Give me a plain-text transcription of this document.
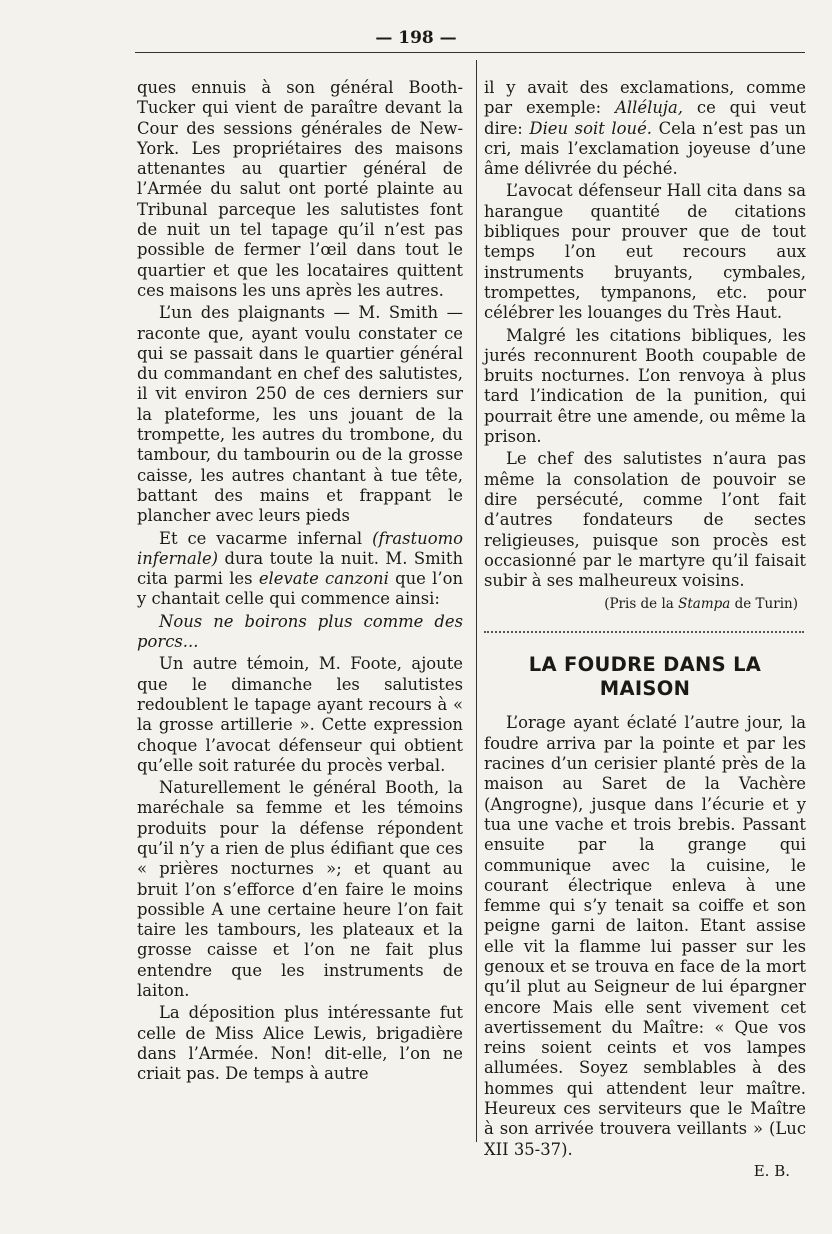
— 198 —

ques ennuis à son général Booth-Tucker qui vient de paraître devant la Cour des sessions générales de New-York. Les propriétaires des maisons attenantes au quartier général de l’Armée du salut ont porté plainte au Tribunal parceque les salutistes font de nuit un tel tapage qu’il n’est pas possible de fermer l’œil dans tout le quartier et que les locataires quittent ces maisons les uns après les autres.

L’un des plaignants — M. Smith — raconte que, ayant voulu constater ce qui se passait dans le quartier général du commandant en chef des salutistes, il vit environ 250 de ces derniers sur la plateforme, les uns jouant de la trompette, les autres du trombone, du tambour, du tambourin ou de la grosse caisse, les autres chantant à tue tête, battant des mains et frappant le plancher avec leurs pieds

Et ce vacarme infernal (frastuomo infernale) dura toute la nuit. M. Smith cita parmi les elevate canzoni que l’on y chantait celle qui commence ainsi:

Nous ne boirons plus comme des porcs...

Un autre témoin, M. Foote, ajoute que le dimanche les salutistes redoublent le tapage ayant recours à « la grosse artillerie ». Cette expression choque l’avocat défenseur qui obtient qu’elle soit raturée du procès verbal.

Naturellement le général Booth, la maréchale sa femme et les témoins produits pour la défense répondent qu’il n’y a rien de plus édifiant que ces « prières nocturnes »; et quant au bruit l’on s’efforce d’en faire le moins possible A une certaine heure l’on fait taire les tambours, les plateaux et la grosse caisse et l’on ne fait plus entendre que les instruments de laiton.

La déposition plus intéressante fut celle de Miss Alice Lewis, brigadière dans l’Armée. Non! dit-elle, l’on ne criait pas. De temps à autre

il y avait des exclamations, comme par exemple: Alléluja, ce qui veut dire: Dieu soit loué. Cela n’est pas un cri, mais l’exclamation joyeuse d’une âme délivrée du péché.

L’avocat défenseur Hall cita dans sa harangue quantité de citations bibliques pour prouver que de tout temps l’on eut recours aux instruments bruyants, cymbales, trompettes, tympanons, etc. pour célébrer les louanges du Très Haut.

Malgré les citations bibliques, les jurés reconnurent Booth coupable de bruits nocturnes. L’on renvoya à plus tard l’indication de la punition, qui pourrait être une amende, ou même la prison.

Le chef des salutistes n’aura pas même la consolation de pouvoir se dire persécuté, comme l’ont fait d’autres fondateurs de sectes religieuses, puisque son procès est occasionné par le martyre qu’il faisait subir à ses malheureux voisins.

(Pris de la Stampa de Turin)
LA FOUDRE DANS LA MAISON

L’orage ayant éclaté l’autre jour, la foudre arriva par la pointe et par les racines d’un cerisier planté près de la maison au Saret de la Vachère (Angrogne), jusque dans l’écurie et y tua une vache et trois brebis. Passant ensuite par la grange qui communique avec la cuisine, le courant électrique enleva à une femme qui s’y tenait sa coiffe et son peigne garni de laiton. Etant assise elle vit la flamme lui passer sur les genoux et se trouva en face de la mort qu’il plut au Seigneur de lui épargner encore Mais elle sent vivement cet avertissement du Maître: « Que vos reins soient ceints et vos lampes allumées. Soyez semblables à des hommes qui attendent leur maître. Heureux ces serviteurs que le Maître à son arrivée trouvera veillants » (Luc XII 35-37).

E. B.
